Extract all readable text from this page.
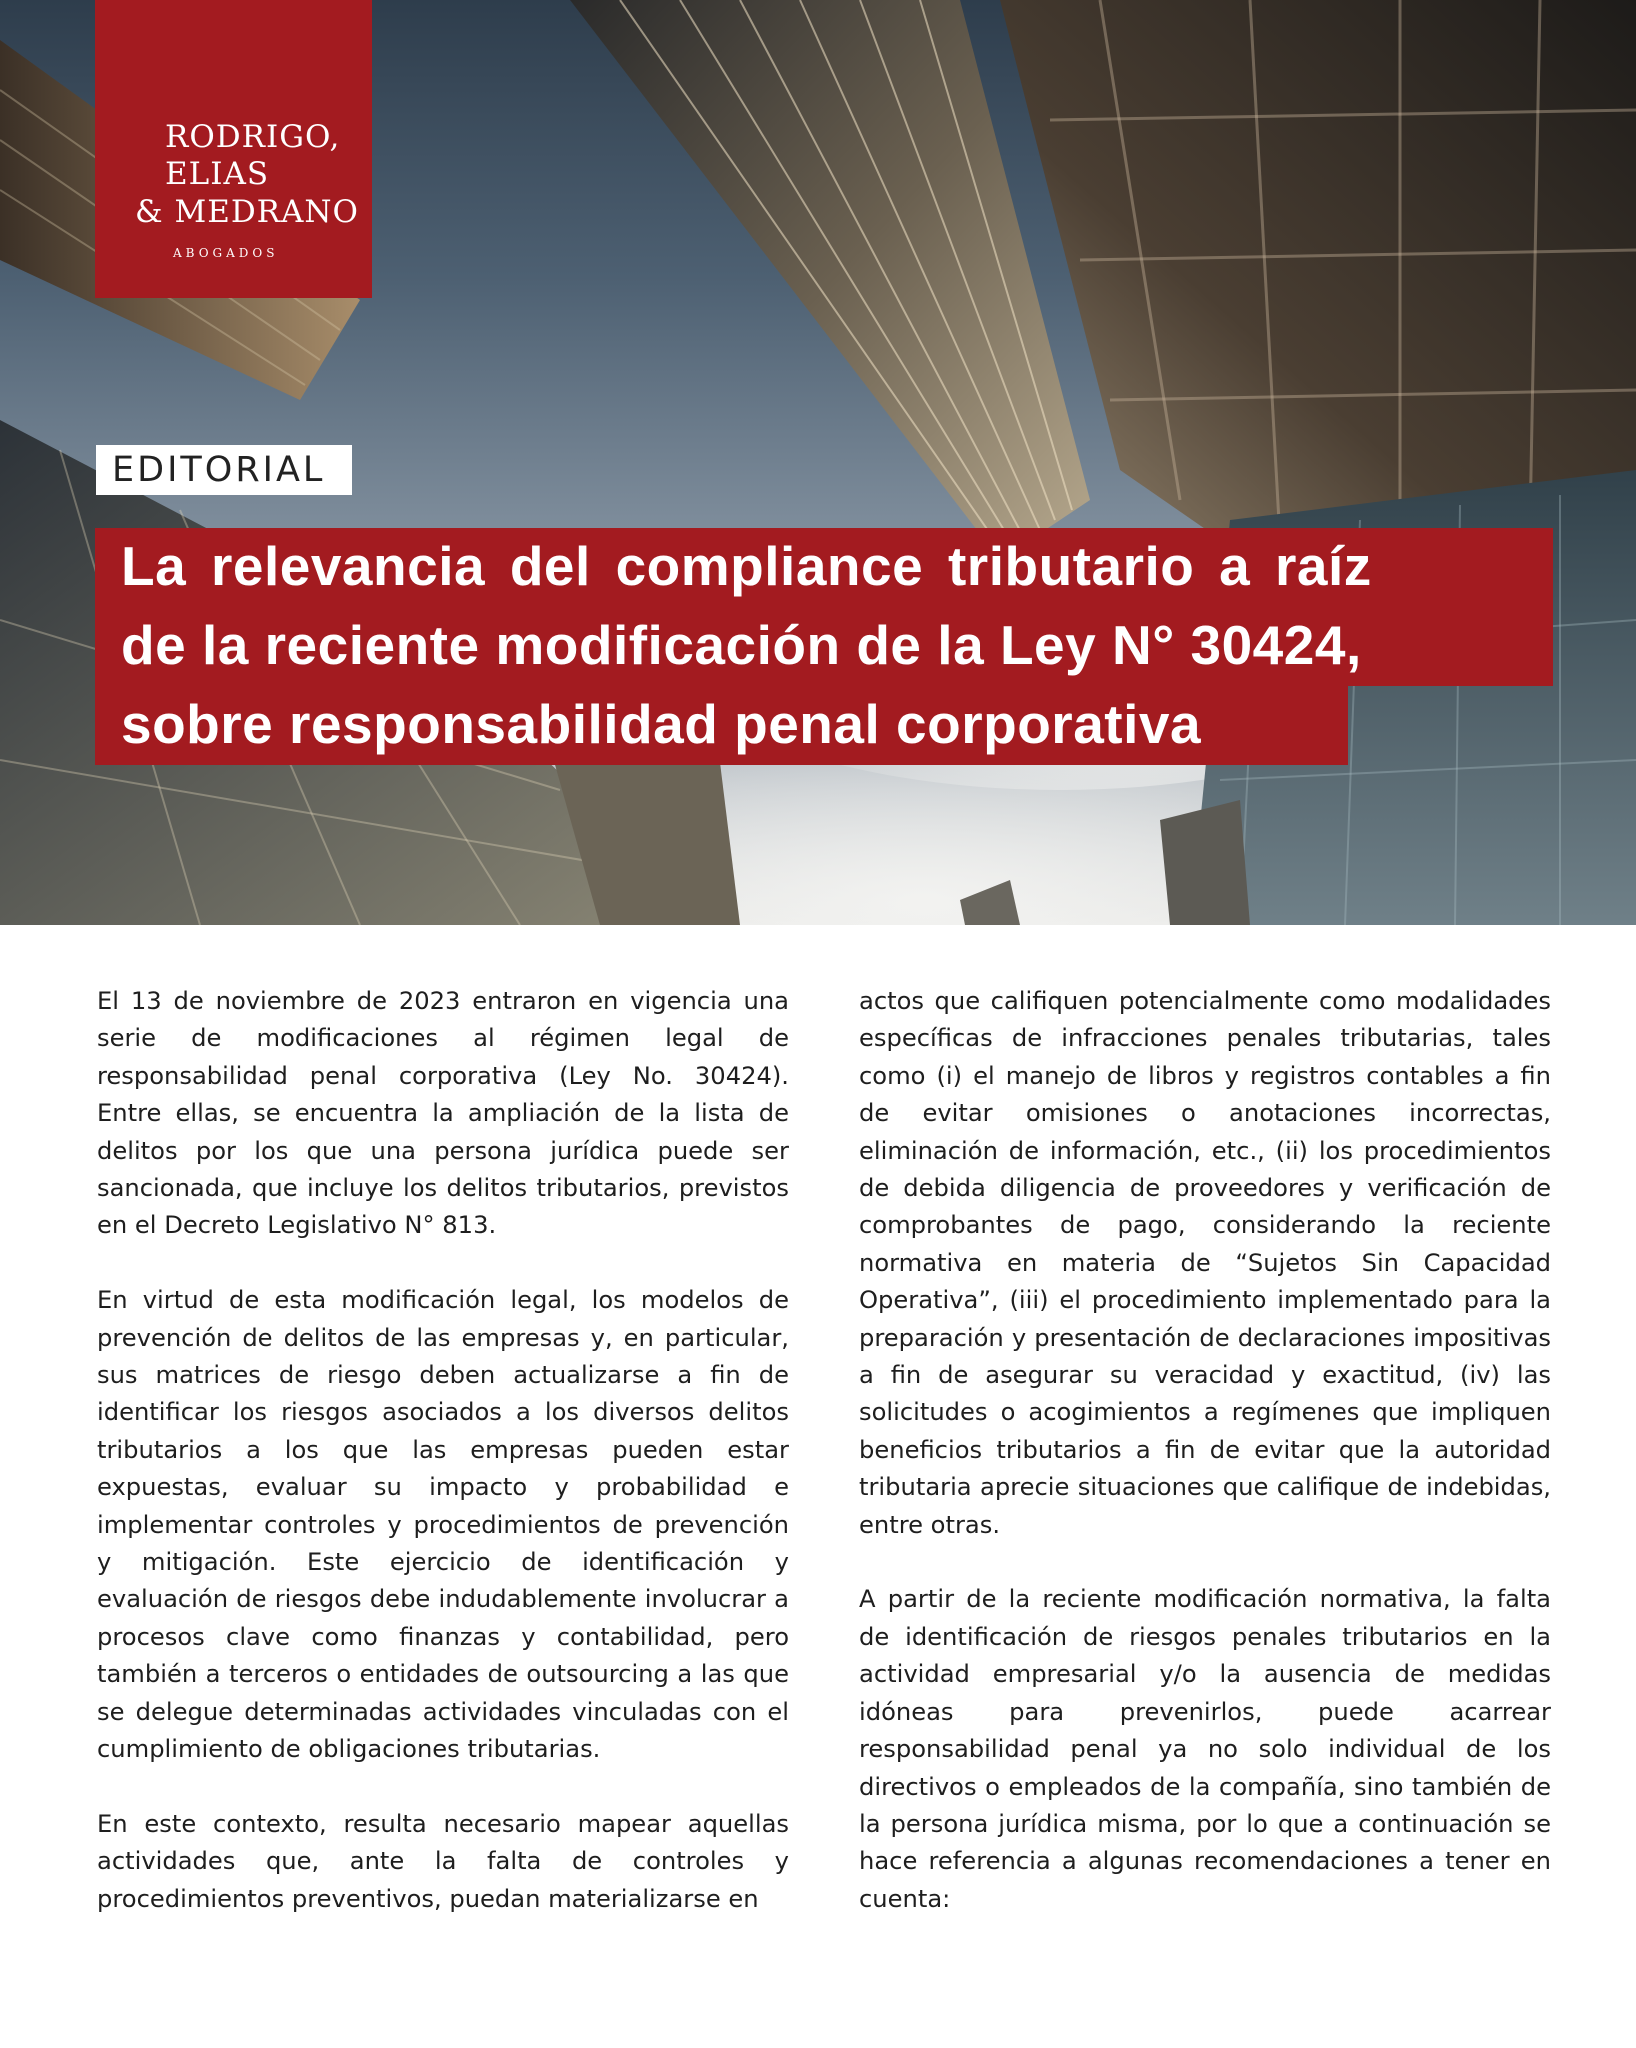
RODRIGO,
ELIAS
& MEDRANO
ABOGADOS
EDITORIAL
La relevancia del compliance tributario a raíz
de la reciente modificación de la Ley N° 30424,
sobre responsabilidad penal corporativa

El 13 de noviembre de 2023 entraron en vigencia una serie de modificaciones al régimen legal de responsabilidad penal corporativa (Ley No. 30424). Entre ellas, se encuentra la ampliación de la lista de delitos por los que una persona jurídica puede ser sancionada, que incluye los delitos tributarios, previstos en el Decreto Legislativo N° 813.

En virtud de esta modificación legal, los modelos de prevención de delitos de las empresas y, en particular, sus matrices de riesgo deben actualizarse a fin de identificar los riesgos asociados a los diversos delitos tributarios a los que las empresas pueden estar expuestas, evaluar su impacto y probabilidad e implementar controles y procedimientos de prevención y mitigación. Este ejercicio de identificación y evaluación de riesgos debe indudablemente involucrar a procesos clave como finanzas y contabilidad, pero también a terceros o entidades de outsourcing a las que se delegue determinadas actividades vinculadas con el cumplimiento de obligaciones tributarias.

En este contexto, resulta necesario mapear aquellas actividades que, ante la falta de controles y procedimientos preventivos, puedan materializarse en

actos que califiquen potencialmente como modalidades específicas de infracciones penales tributarias, tales como (i) el manejo de libros y registros contables a fin de evitar omisiones o anotaciones incorrectas, eliminación de información, etc., (ii) los procedimientos de debida diligencia de proveedores y verificación de comprobantes de pago, considerando la reciente normativa en materia de “Sujetos Sin Capacidad Operativa”, (iii) el procedimiento implementado para la preparación y presentación de declaraciones impositivas a fin de asegurar su veracidad y exactitud, (iv) las solicitudes o acogimientos a regímenes que impliquen beneficios tributarios a fin de evitar que la autoridad tributaria aprecie situaciones que califique de indebidas, entre otras.

A partir de la reciente modificación normativa, la falta de identificación de riesgos penales tributarios en la actividad empresarial y/o la ausencia de medidas idóneas para prevenirlos, puede acarrear responsabilidad penal ya no solo individual de los directivos o empleados de la compañía, sino también de la persona jurídica misma, por lo que a continuación se hace referencia a algunas recomendaciones a tener en cuenta:
